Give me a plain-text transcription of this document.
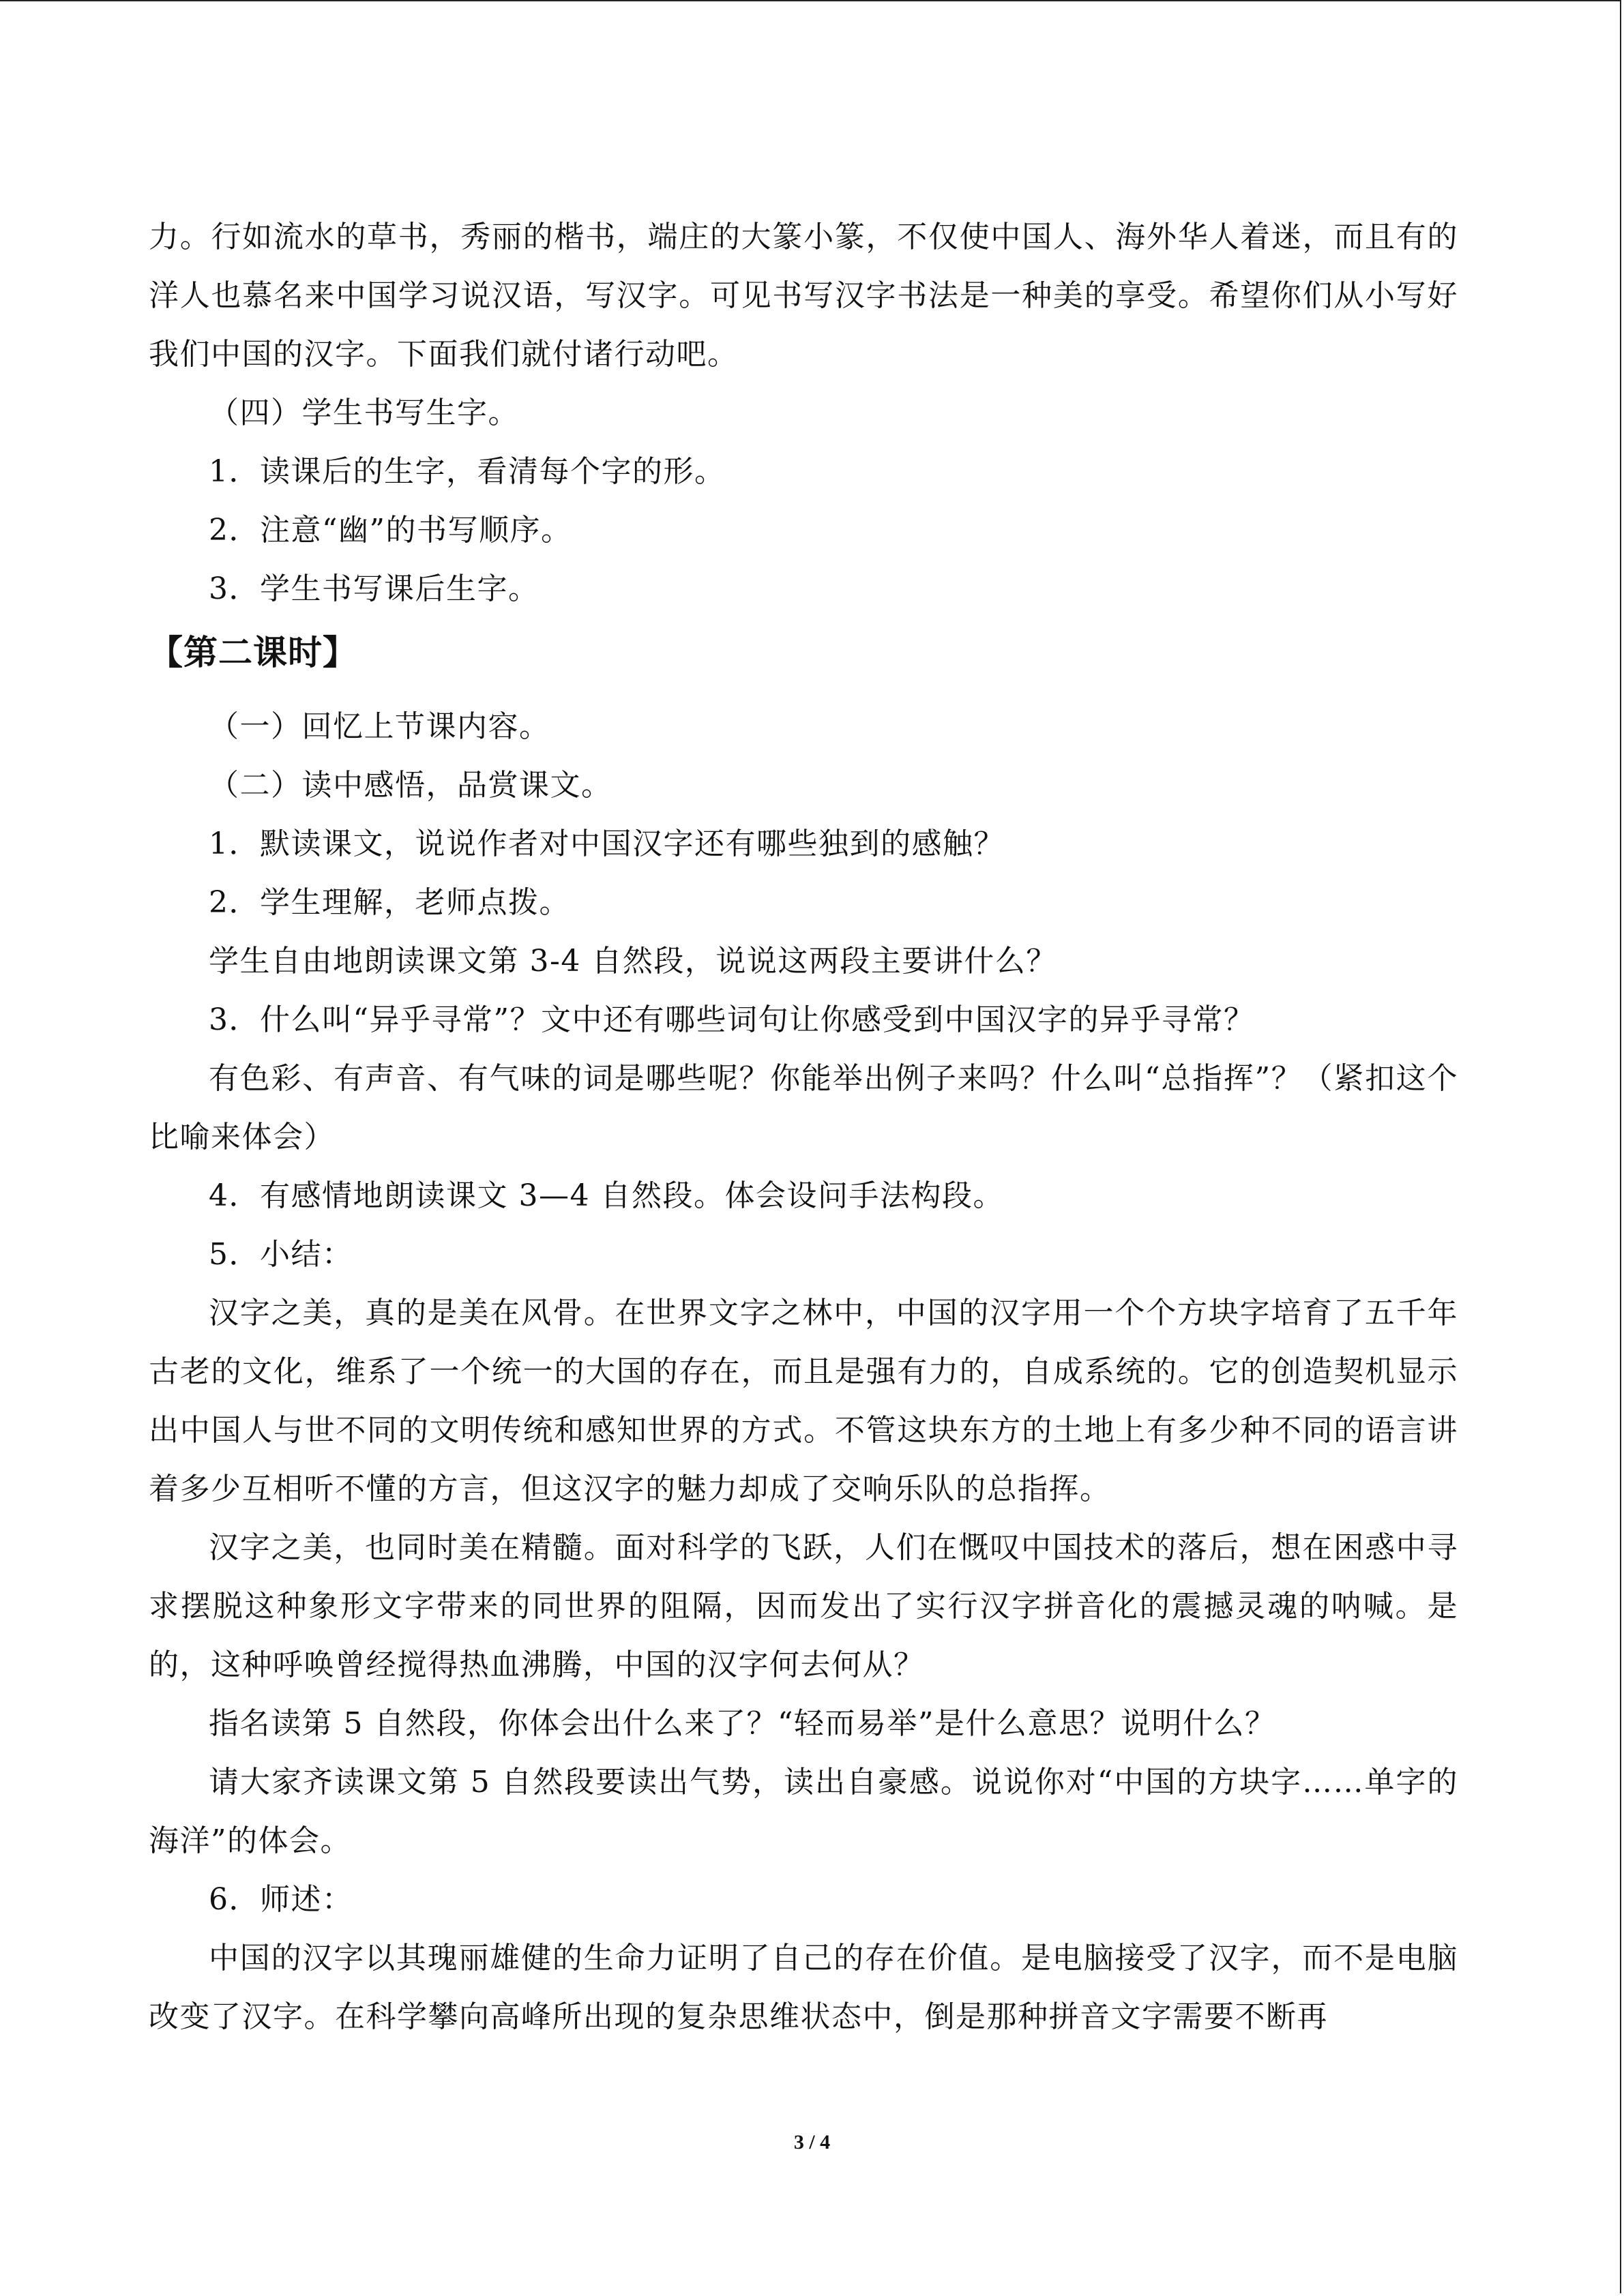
力。行如流水的草书，秀丽的楷书，端庄的大篆小篆，不仅使中国人、海外华人着迷，而且有的洋人也慕名来中国学习说汉语，写汉字。可见书写汉字书法是一种美的享受。希望你们从小写好我们中国的汉字。下面我们就付诸行动吧。

（四）学生书写生字。

1．读课后的生字，看清每个字的形。

2．注意“幽”的书写顺序。

3．学生书写课后生字。

【第二课时】

（一）回忆上节课内容。

（二）读中感悟，品赏课文。

1．默读课文，说说作者对中国汉字还有哪些独到的感触？

2．学生理解，老师点拨。

学生自由地朗读课文第 3-4 自然段，说说这两段主要讲什么？

3．什么叫“异乎寻常”？文中还有哪些词句让你感受到中国汉字的异乎寻常？

有色彩、有声音、有气味的词是哪些呢？你能举出例子来吗？什么叫“总指挥”？（紧扣这个比喻来体会）

4．有感情地朗读课文 3—4 自然段。体会设问手法构段。

5．小结：

汉字之美，真的是美在风骨。在世界文字之林中，中国的汉字用一个个方块字培育了五千年古老的文化，维系了一个统一的大国的存在，而且是强有力的，自成系统的。它的创造契机显示出中国人与世不同的文明传统和感知世界的方式。不管这块东方的土地上有多少种不同的语言讲着多少互相听不懂的方言，但这汉字的魅力却成了交响乐队的总指挥。

汉字之美，也同时美在精髓。面对科学的飞跃，人们在慨叹中国技术的落后，想在困惑中寻求摆脱这种象形文字带来的同世界的阻隔，因而发出了实行汉字拼音化的震撼灵魂的呐喊。是的，这种呼唤曾经搅得热血沸腾，中国的汉字何去何从？

指名读第 5 自然段，你体会出什么来了？“轻而易举”是什么意思？说明什么？

请大家齐读课文第 5 自然段要读出气势，读出自豪感。说说你对“中国的方块字……单字的海洋”的体会。

6．师述：

中国的汉字以其瑰丽雄健的生命力证明了自己的存在价值。是电脑接受了汉字，而不是电脑改变了汉字。在科学攀向高峰所出现的复杂思维状态中，倒是那种拼音文字需要不断再

3 / 4
